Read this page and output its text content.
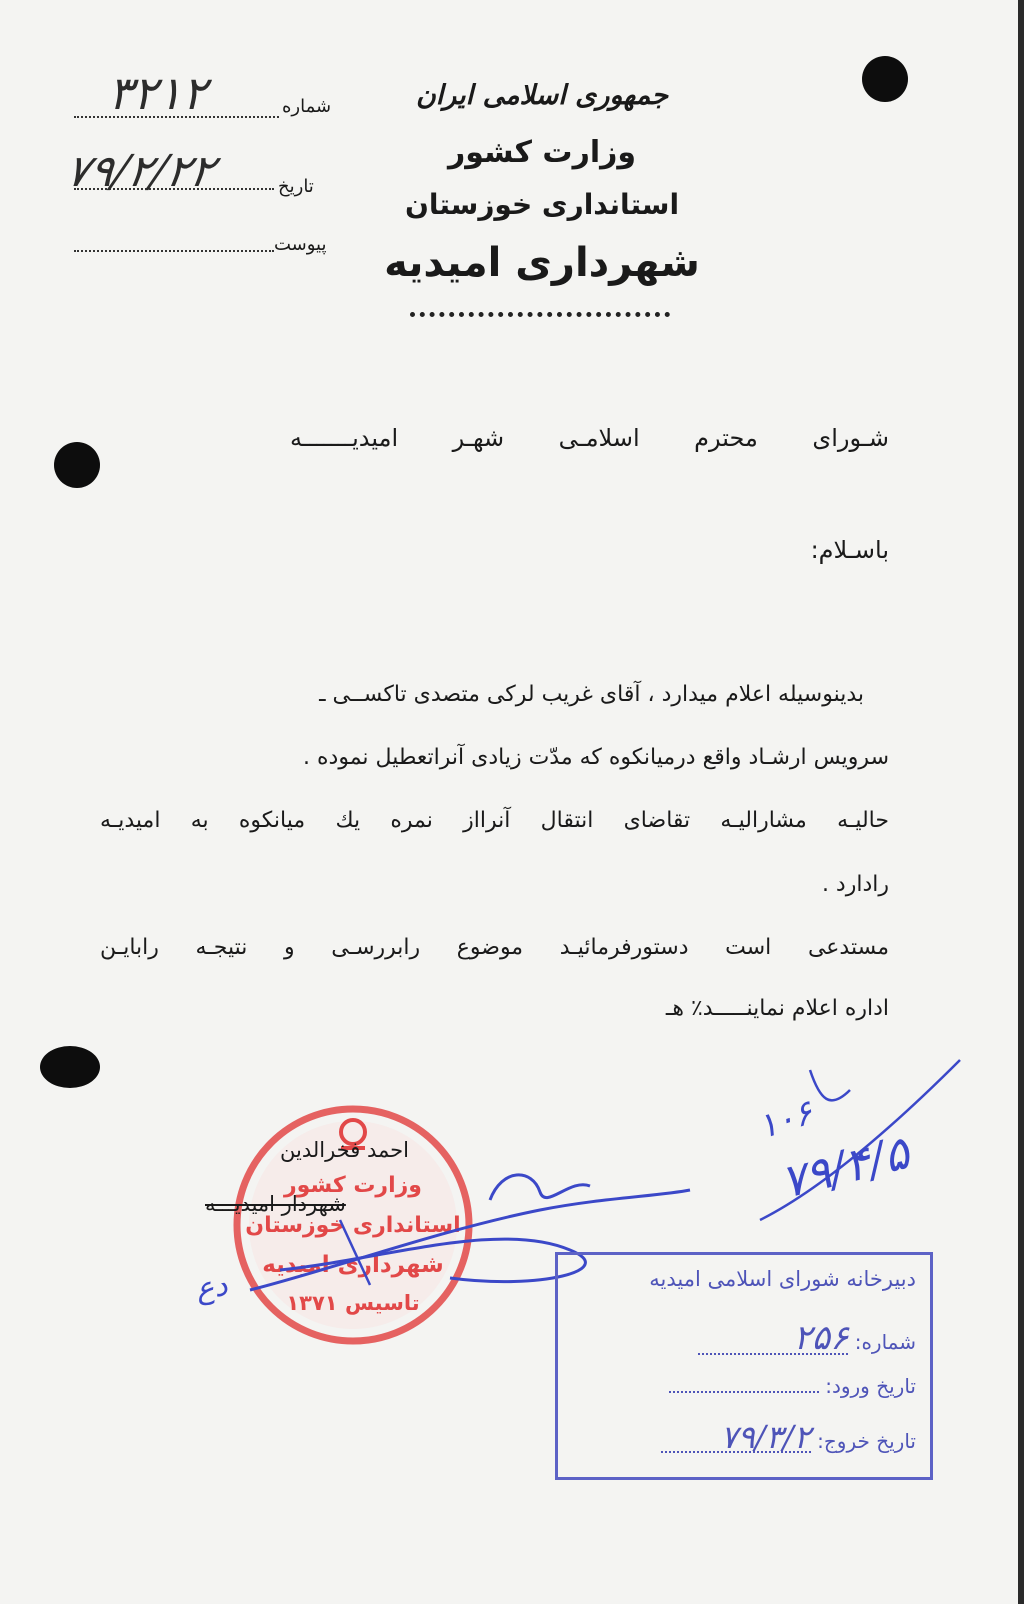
جمهوری اسلامی ایران
وزارت کشور
استانداری خوزستان
شهرداری امیدیه
شماره
۳۲۱۲
تاریخ
۷۹/۲/۲۲
پیوست
شـوراى محترم اسلامـى شهـر امیدیـــــــه
باسـلام:
بدینوسیله اعلام میدارد ، آقای غریب لرکی متصدی تاکســی ـ
سرویس ارشـاد واقع درمیانکوه که مدّت زیادی آنراتعطیل نموده .
حالیـه مشارالیـه تقاضای انتقال آنرااز نمره یك میانکوه به امیدیـه
رادارد .
مستدعی است دستورفرمائیـد موضوع رابررسـی و نتیجـه رابایـن
اداره اعلام نماینـــــد٪ هـ
وزارت کشور
استانداری خوزستان
شهرداری امیدیه
تاسیس ۱۳۷۱
احمد فخرالدین
شهردار امیدیـــه	۷۹/۴/۵
۱۰۶
دع	دبیرخانه شورای اسلامی امیدیه
شماره: ۲۵۶
تاریخ ورود:
تاریخ خروج: ۷۹/۳/۲
